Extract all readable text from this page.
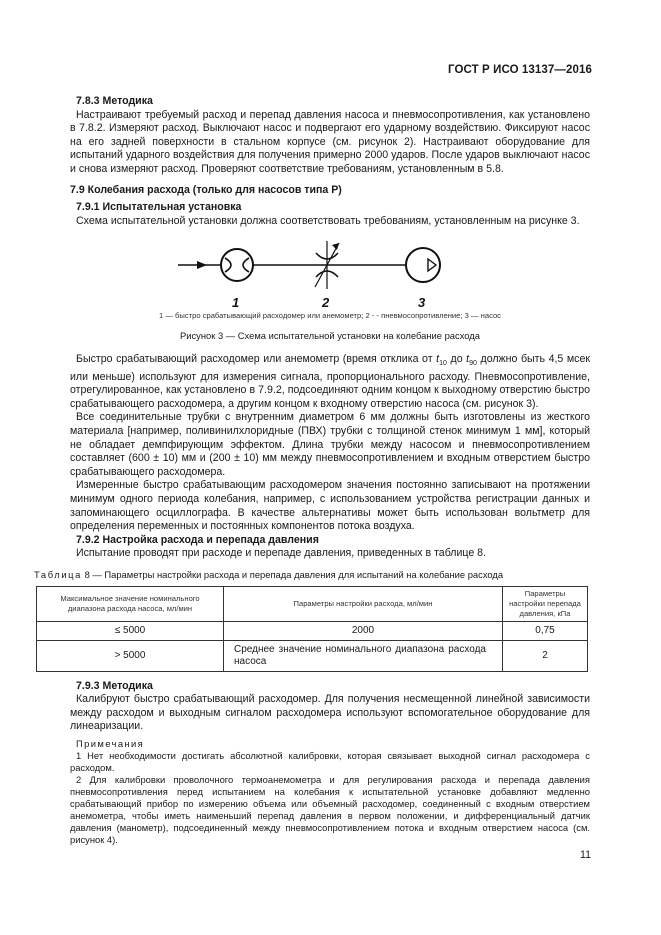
ГОСТ Р ИСО 13137—2016
7.8.3 Методика

Настраивают требуемый расход и перепад давления насоса и пневмосопротивления, как установлено в 7.8.2. Измеряют расход. Выключают насос и подвергают его ударному воздействию. Фиксируют насос на его задней поверхности в стальном корпусе (см. рисунок 2). Настраивают оборудование для испытаний ударного воздействия для получения примерно 2000 ударов. После ударов выключают насос и снова измеряют расход. Проверяют соответствие требованиям, установленным в 5.8.

7.9 Колебания расхода (только для насосов типа Р)
7.9.1 Испытательная установка

Схема испытательной установки должна соответствовать требованиям, установленным на рисунке 3.

1	2	3
1 — быстро срабатывающий расходомер или анемометр; 2 - - пневмосопротивление; 3 — насос
Рисунок 3 — Схема испытательной установки на колебание расхода

Быстро срабатывающий расходомер или анемометр (время отклика от $t_{10}$ до $t_{90}$ должно быть 4,5 мсек или меньше) используют для измерения сигнала, пропорционального расходу. Пневмосопротивление, отрегулированное, как установлено в 7.9.2, подсоединяют одним концом к выходному отверстию быстро срабатывающего расходомера, а другим концом к входному отверстию насоса (см. рисунок 3).

Все соединительные трубки с внутренним диаметром 6 мм должны быть изготовлены из жесткого материала [например, поливинилхлоридные (ПВХ) трубки с толщиной стенок минимум 1 мм], который не обладает демпфирующим эффектом. Длина трубки между насосом и пневмосопротивлением составляет (600 ± 10) мм и (200 ± 10) мм между пневмосопротивлением и входным отверстием быстро срабатывающего расходомера.

Измеренные быстро срабатывающим расходомером значения постоянно записывают на протяжении минимум одного периода колебания, например, с использованием устройства регистрации данных и запоминающего осциллографа. В качестве альтернативы может быть использован вольтметр для определения переменных и постоянных компонентов потока воздуха.

7.9.2 Настройка расхода и перепада давления

Испытание проводят при расходе и перепаде давления, приведенных в таблице 8.

Таблица 8 — Параметры настройки расхода и перепада давления для испытаний на колебание расхода
Максимальное значение номинального диапазона расхода насоса, мл/мин	Параметры настройки расхода, мл/мин	Параметры настройки перепада давления, кПа
≤ 5000	2000	0,75
> 5000	Среднее значение номинального диапазона расхода насоса	2
7.9.3 Методика

Калибруют быстро срабатывающий расходомер. Для получения несмещенной линейной зависимости между расходом и выходным сигналом расходомера используют вспомогательное оборудование для линеаризации.

Примечания
1 Нет необходимости достигать абсолютной калибровки, которая связывает выходной сигнал расходомера с расходом.
2 Для калибровки проволочного термоанемометра и для регулирования расхода и перепада давления пневмосопротивления перед испытанием на колебания к испытательной установке добавляют медленно срабатывающий прибор по измерению объема или объемный расходомер, соединенный с входным отверстием анемометра, чтобы иметь наименьший перепад давления в первом положении, и дифференциальный датчик давления (манометр), подсоединенный между пневмосопротивлением потока и входным отверстием насоса (см. рисунок 4).
11
